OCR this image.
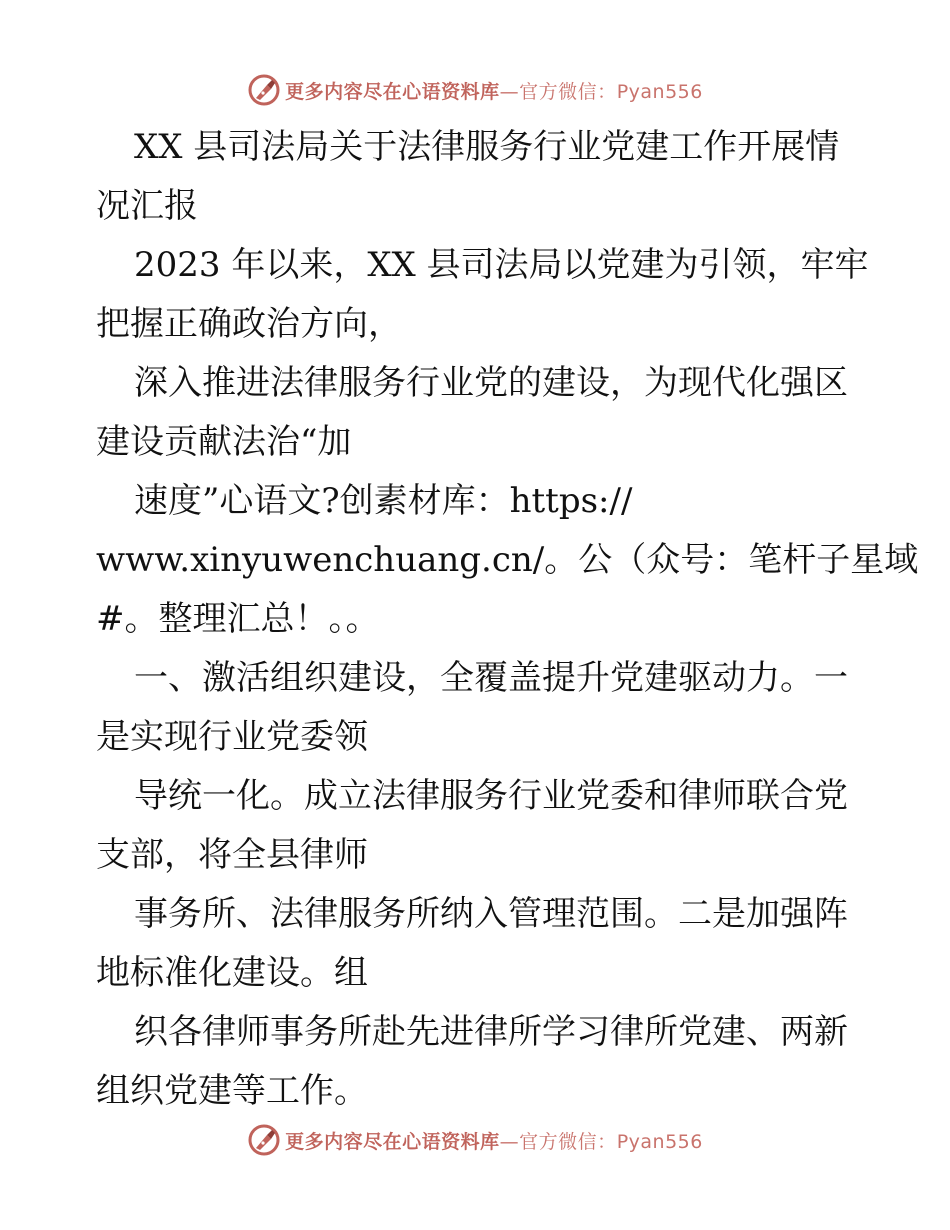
更多内容尽在心语资料库—官方微信：Pyan556
XX 县司法局关于法律服务行业党建工作开展情
况汇报
2023 年以来，XX 县司法局以党建为引领，牢牢
把握正确政治方向，
深入推进法律服务行业党的建设，为现代化强区
建设贡献法治“加
速度”心语文?创素材库：https://
www.xinyuwenchuang.cn/。公（众号：笔杆子星域
#。整理汇总！。。
一、激活组织建设，全覆盖提升党建驱动力。一
是实现行业党委领
导统一化。成立法律服务行业党委和律师联合党
支部，将全县律师
事务所、法律服务所纳入管理范围。二是加强阵
地标准化建设。组
织各律师事务所赴先进律所学习律所党建、两新
组织党建等工作。
更多内容尽在心语资料库—官方微信：Pyan556
